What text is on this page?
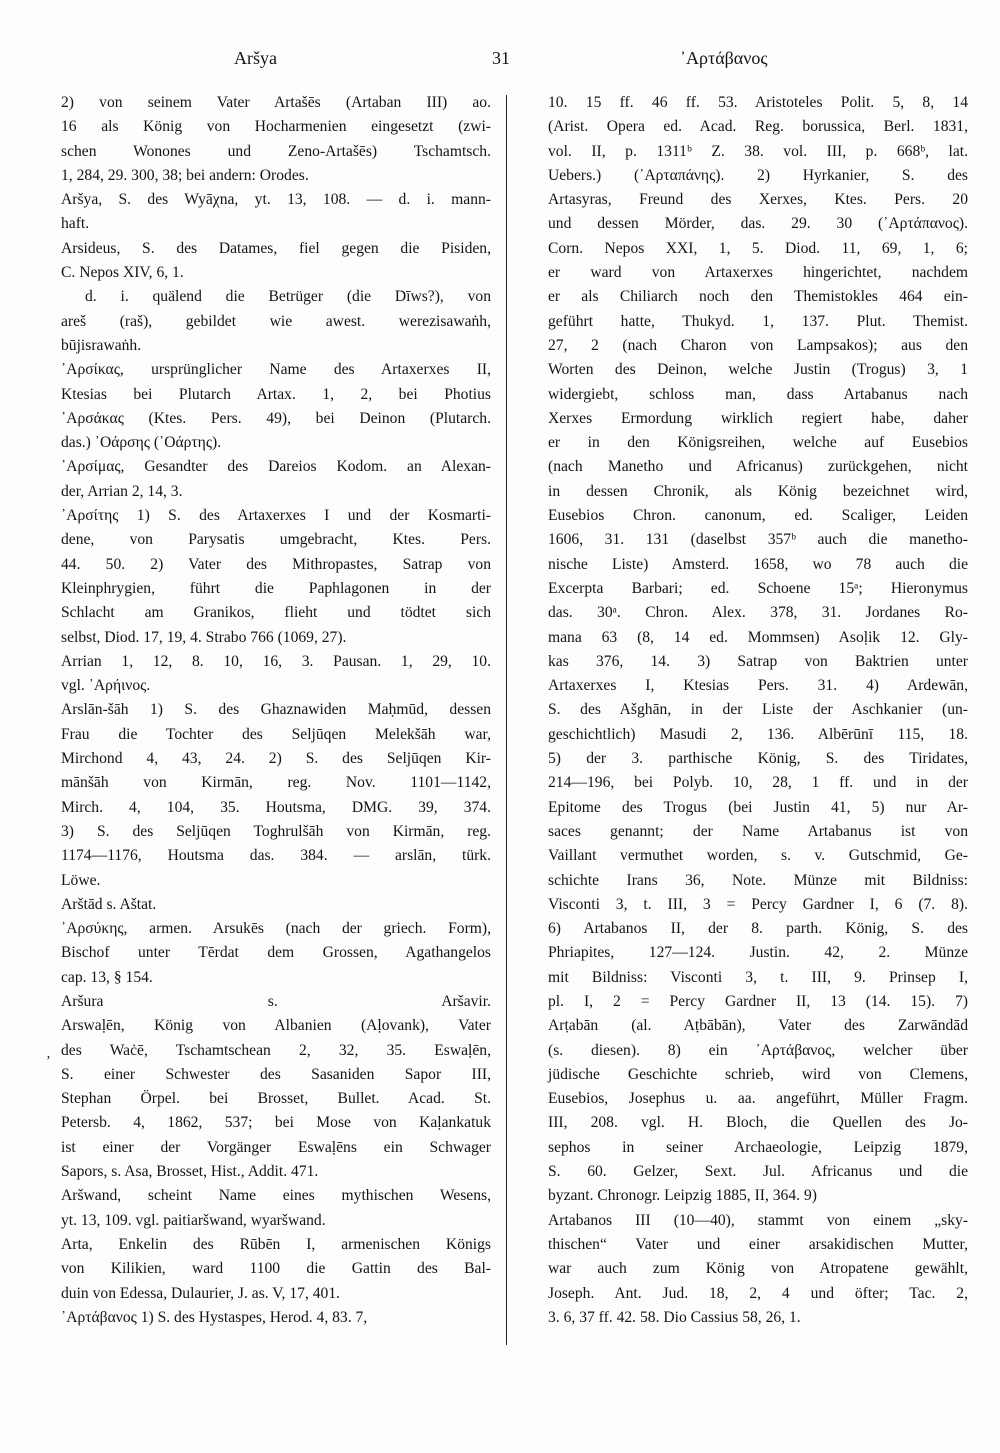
Aršya	31	᾿Αρτάβανος
2) von seinem Vater Artašēs (Artaban III) ao.
16 als König von Hocharmenien eingesetzt (zwi-
schen Wonones und Zeno-Artašēs) Tschamtsch.
1, 284, 29. 300, 38; bei andern: Orodes.
Aršya, S. des Wyāχna, yt. 13, 108. — d. i. mann-
haft.
Arsideus, S. des Datames, fiel gegen die Pisiden,
C. Nepos XIV, 6, 1.
d. i. quälend die Betrüger (die Dīws?), von
areš (raš), gebildet wie awest. werezisawaṅh,
būjisrawaṅh.
᾿Αρσίκας, ursprünglicher Name des Artaxerxes II,
Ktesias bei Plutarch Artax. 1, 2, bei Photius
᾿Αρσάκας (Ktes. Pers. 49), bei Deinon (Plutarch.
das.) ᾿Οάρσης (᾿Οάρτης).
᾿Αρσίμας, Gesandter des Dareios Kodom. an Alexan-
der, Arrian 2, 14, 3.
᾿Αρσίτης 1) S. des Artaxerxes I und der Kosmarti-
dene, von Parysatis umgebracht, Ktes. Pers.
44. 50. 2) Vater des Mithropastes, Satrap von
Kleinphrygien, führt die Paphlagonen in der
Schlacht am Granikos, flieht und tödtet sich
selbst, Diod. 17, 19, 4. Strabo 766 (1069, 27).
Arrian 1, 12, 8. 10, 16, 3. Pausan. 1, 29, 10.
vgl. ᾿Αρήινος.
Arslān-šāh 1) S. des Ghaznawiden Maḥmūd, dessen
Frau die Tochter des Seljūqen Melekšāh war,
Mirchond 4, 43, 24. 2) S. des Seljūqen Kir-
mānšāh von Kirmān, reg. Nov. 1101—1142,
Mirch. 4, 104, 35. Houtsma, DMG. 39, 374.
3) S. des Seljūqen Toghrulšāh von Kirmān, reg.
1174—1176, Houtsma das. 384. — arslān, türk.
Löwe.
Arštād s. Aštat.
᾿Αρσύκης, armen. Arsukēs (nach der griech. Form),
Bischof unter Tērdat dem Grossen, Agathangelos
cap. 13, § 154.
Aršura s. Aršavir.
Arswaḷēn, König von Albanien (Aḷovank), Vater
des Waċē, Tschamtschean 2, 32, 35. Eswaḷēn,
S. einer Schwester des Sasaniden Sapor III,
Stephan Örpel. bei Brosset, Bullet. Acad. St.
Petersb. 4, 1862, 537; bei Mose von Kaḷankatuk
ist einer der Vorgänger Eswaḷēns ein Schwager
Sapors, s. Asa, Brosset, Hist., Addit. 471.
Aršwand, scheint Name eines mythischen Wesens,
yt. 13, 109. vgl. paitiaršwand, wyaršwand.
Arta, Enkelin des Rūbēn I, armenischen Königs
von Kilikien, ward 1100 die Gattin des Bal-
duin von Edessa, Dulaurier, J. as. V, 17, 401.
᾿Αρτάβανος 1) S. des Hystaspes, Herod. 4, 83. 7,
10. 15 ff. 46 ff. 53. Aristoteles Polit. 5, 8, 14
(Arist. Opera ed. Acad. Reg. borussica, Berl. 1831,
vol. II, p. 1311ᵇ Z. 38. vol. III, p. 668ᵇ, lat.
Uebers.) (᾿Αρταπάνης). 2) Hyrkanier, S. des
Artasyras, Freund des Xerxes, Ktes. Pers. 20
und dessen Mörder, das. 29. 30 (᾿Αρτάπανος).
Corn. Nepos XXI, 1, 5. Diod. 11, 69, 1, 6;
er ward von Artaxerxes hingerichtet, nachdem
er als Chiliarch noch den Themistokles 464 ein-
geführt hatte, Thukyd. 1, 137. Plut. Themist.
27, 2 (nach Charon von Lampsakos); aus den
Worten des Deinon, welche Justin (Trogus) 3, 1
widergiebt, schloss man, dass Artabanus nach
Xerxes Ermordung wirklich regiert habe, daher
er in den Königsreihen, welche auf Eusebios
(nach Manetho und Africanus) zurückgehen, nicht
in dessen Chronik, als König bezeichnet wird,
Eusebios Chron. canonum, ed. Scaliger, Leiden
1606, 31. 131 (daselbst 357ᵇ auch die manetho-
nische Liste) Amsterd. 1658, wo 78 auch die
Excerpta Barbari; ed. Schoene 15ᵃ; Hieronymus
das. 30ᵃ. Chron. Alex. 378, 31. Jordanes Ro-
mana 63 (8, 14 ed. Mommsen) Asoḷik 12. Gly-
kas 376, 14. 3) Satrap von Baktrien unter
Artaxerxes I, Ktesias Pers. 31. 4) Ardewān,
S. des Ašghān, in der Liste der Aschkanier (un-
geschichtlich) Masudi 2, 136. Albērūnī 115, 18.
5) der 3. parthische König, S. des Tiridates,
214—196, bei Polyb. 10, 28, 1 ff. und in der
Epitome des Trogus (bei Justin 41, 5) nur Ar-
saces genannt; der Name Artabanus ist von
Vaillant vermuthet worden, s. v. Gutschmid, Ge-
schichte Irans 36, Note. Münze mit Bildniss:
Visconti 3, t. III, 3 = Percy Gardner I, 6 (7. 8).
6) Artabanos II, der 8. parth. König, S. des
Phriapites, 127—124. Justin. 42, 2. Münze
mit Bildniss: Visconti 3, t. III, 9. Prinsep I,
pl. I, 2 = Percy Gardner II, 13 (14. 15). 7)
Arṭabān (al. Aṭbābān), Vater des Zarwāndād
(s. diesen). 8) ein ᾿Αρτάβανος, welcher über
jüdische Geschichte schrieb, wird von Clemens,
Eusebios, Josephus u. aa. angeführt, Müller Fragm.
III, 208. vgl. H. Bloch, die Quellen des Jo-
sephos in seiner Archaeologie, Leipzig 1879,
S. 60. Gelzer, Sext. Jul. Africanus und die
byzant. Chronogr. Leipzig 1885, II, 364. 9)
Artabanos III (10—40), stammt von einem „sky-
thischen“ Vater und einer arsakidischen Mutter,
war auch zum König von Atropatene gewählt,
Joseph. Ant. Jud. 18, 2, 4 und öfter; Tac. 2,
3. 6, 37 ff. 42. 58. Dio Cassius 58, 26, 1.
ʼ
